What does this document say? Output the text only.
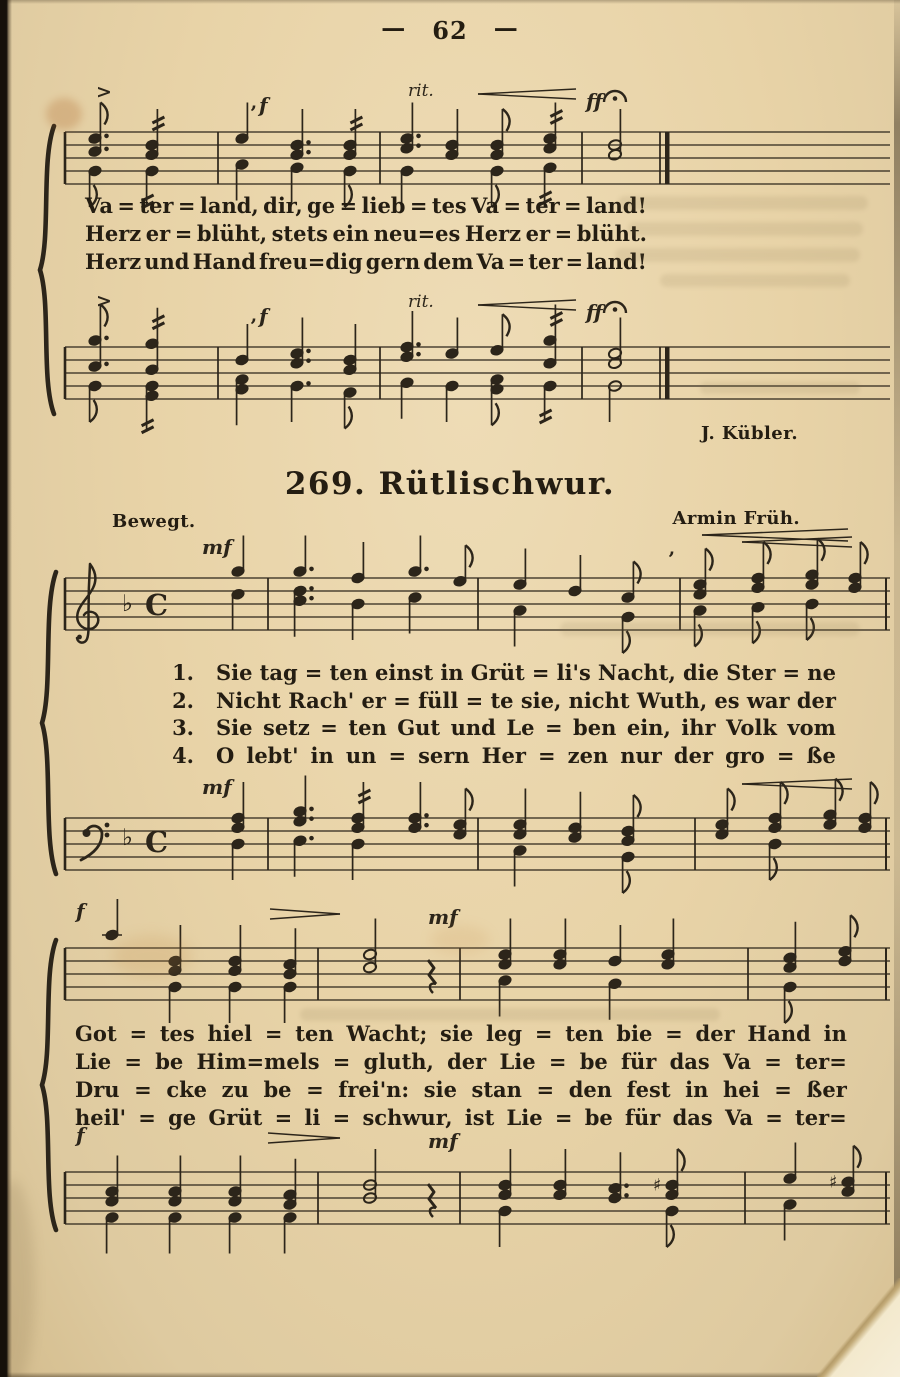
>
’ f
rit.	ff
>
’ f
rit.	ff
♭ C
mf	’
♭ C
mf
f	mf
♯	♯
f	mf
— 62 —
Va = ter = land, dir, ge = lieb = tes Va = ter = land!
Herz er = blüht, stets ein neu=es Herz er = blüht.
Herz und Hand freu=dig gern dem Va = ter = land!
J. Kübler.
269. Rütlischwur.
Bewegt.	Armin Früh.
1. Sie tag = ten einst in Grüt = li's Nacht, die Ster = ne
2. Nicht Rach' er = füll = te sie, nicht Wuth, es war der
3. Sie setz = ten Gut und Le = ben ein, ihr Volk vom
4. O lebt' in un = sern Her = zen nur der gro = ße
Got = tes hiel = ten Wacht; sie leg = ten bie = der Hand in
Lie = be Him=mels = gluth, der Lie = be für das Va = ter=
Dru = cke zu be = frei'n: sie stan = den fest in hei = ßer
heil' = ge Grüt = li = schwur, ist Lie = be für das Va = ter=
